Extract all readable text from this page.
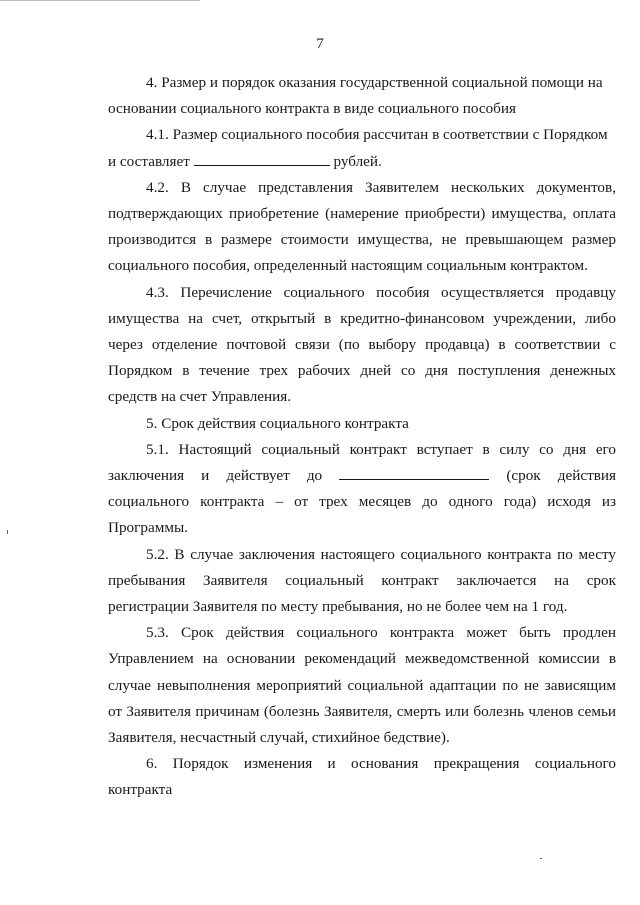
7

4. Размер и порядок оказания государственной социальной помощи на
основании социального контракта в виде социального пособия

4.1. Размер социального пособия рассчитан в соответствии с Порядком
и составляет	рублей.

4.2. В случае представления Заявителем нескольких документов,
подтверждающих приобретение (намерение приобрести) имущества, оплата
производится в размере стоимости имущества, не превышающем размер
социального пособия, определенный настоящим социальным контрактом.

4.3. Перечисление социального пособия осуществляется продавцу
имущества на счет, открытый в кредитно-финансовом учреждении, либо
через отделение почтовой связи (по выбору продавца) в соответствии с
Порядком в течение трех рабочих дней со дня поступления денежных
средств на счет Управления.

5. Срок действия социального контракта

5.1. Настоящий социальный контракт вступает в силу со дня его
заключения и действует до	(срок действия
социального контракта – от трех месяцев до одного года) исходя из
Программы.

5.2. В случае заключения настоящего социального контракта по месту
пребывания Заявителя социальный контракт заключается на срок
регистрации Заявителя по месту пребывания, но не более чем на 1 год.

5.3. Срок действия социального контракта может быть продлен
Управлением на основании рекомендаций межведомственной комиссии в
случае невыполнения мероприятий социальной адаптации по не зависящим
от Заявителя причинам (болезнь Заявителя, смерть или болезнь членов семьи
Заявителя, несчастный случай, стихийное бедствие).

6. Порядок изменения и основания прекращения социального
контракта
